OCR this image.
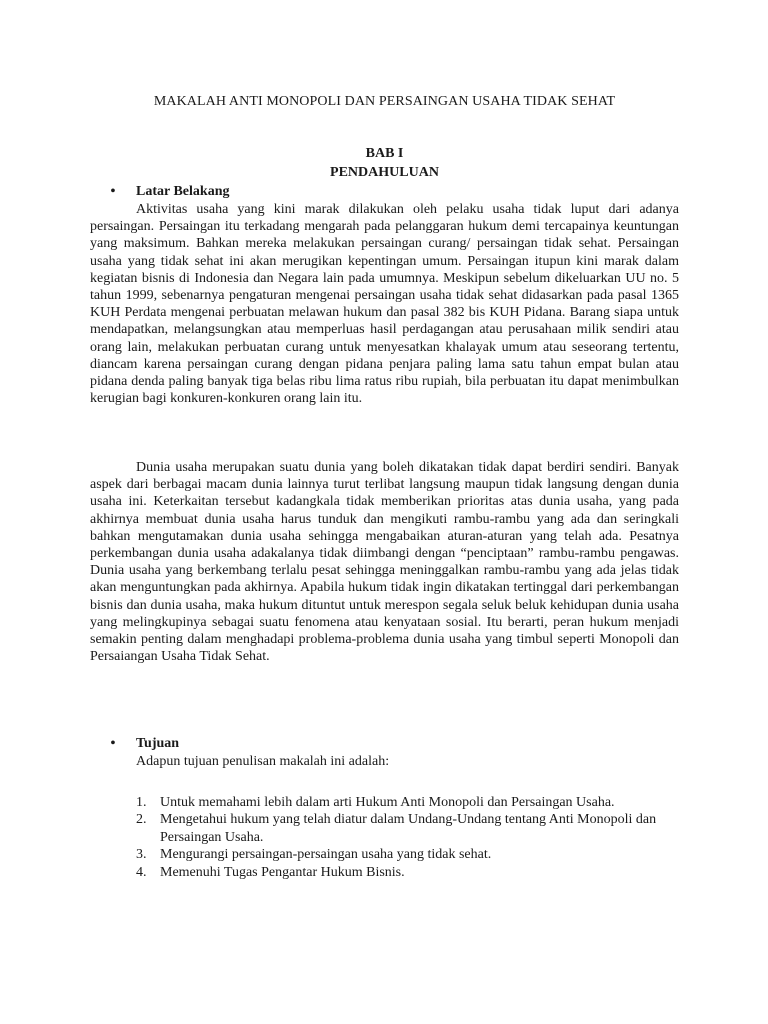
MAKALAH ANTI MONOPOLI DAN PERSAINGAN USAHA TIDAK SEHAT
BAB I
PENDAHULUAN
• Latar Belakang

Aktivitas usaha yang kini marak dilakukan oleh pelaku usaha tidak luput dari adanya persaingan. Persaingan itu terkadang mengarah pada pelanggaran hukum demi tercapainya keuntungan yang maksimum. Bahkan mereka melakukan persaingan curang/ persaingan tidak sehat. Persaingan usaha yang tidak sehat ini akan merugikan kepentingan umum. Persaingan itupun kini marak dalam kegiatan bisnis di Indonesia dan Negara lain pada umumnya. Meskipun sebelum dikeluarkan UU no. 5 tahun 1999, sebenarnya pengaturan mengenai persaingan usaha tidak sehat didasarkan pada pasal 1365 KUH Perdata mengenai perbuatan melawan hukum dan pasal 382 bis KUH Pidana. Barang siapa untuk mendapatkan, melangsungkan atau memperluas hasil perdagangan atau perusahaan milik sendiri atau orang lain, melakukan perbuatan curang untuk menyesatkan khalayak umum atau seseorang tertentu, diancam karena persaingan curang dengan pidana penjara paling lama satu tahun empat bulan atau pidana denda paling banyak tiga belas ribu lima ratus ribu rupiah, bila perbuatan itu dapat menimbulkan kerugian bagi konkuren-konkuren orang lain itu.

Dunia usaha merupakan suatu dunia yang boleh dikatakan tidak dapat berdiri sendiri. Banyak aspek dari berbagai macam dunia lainnya turut terlibat langsung maupun tidak langsung dengan dunia usaha ini. Keterkaitan tersebut kadangkala tidak memberikan prioritas atas dunia usaha, yang pada akhirnya membuat dunia usaha harus tunduk dan mengikuti rambu-rambu yang ada dan seringkali bahkan mengutamakan dunia usaha sehingga mengabaikan aturan-aturan yang telah ada. Pesatnya perkembangan dunia usaha adakalanya tidak diimbangi dengan “penciptaan” rambu-rambu pengawas. Dunia usaha yang berkembang terlalu pesat sehingga meninggalkan rambu-rambu yang ada jelas tidak akan menguntungkan pada akhirnya. Apabila hukum tidak ingin dikatakan tertinggal dari perkembangan bisnis dan dunia usaha, maka hukum dituntut untuk merespon segala seluk beluk kehidupan dunia usaha yang melingkupinya sebagai suatu fenomena atau kenyataan sosial. Itu berarti, peran hukum menjadi semakin penting dalam menghadapi problema-problema dunia usaha yang timbul seperti Monopoli dan Persaiangan Usaha Tidak Sehat.

• Tujuan
Adapun tujuan penulisan makalah ini adalah:
1. Untuk memahami lebih dalam arti Hukum Anti Monopoli dan Persaingan Usaha.
2. Mengetahui hukum yang telah diatur dalam Undang-Undang tentang Anti Monopoli dan Persaingan Usaha.
3. Mengurangi persaingan-persaingan usaha yang tidak sehat.
4. Memenuhi Tugas Pengantar Hukum Bisnis.
